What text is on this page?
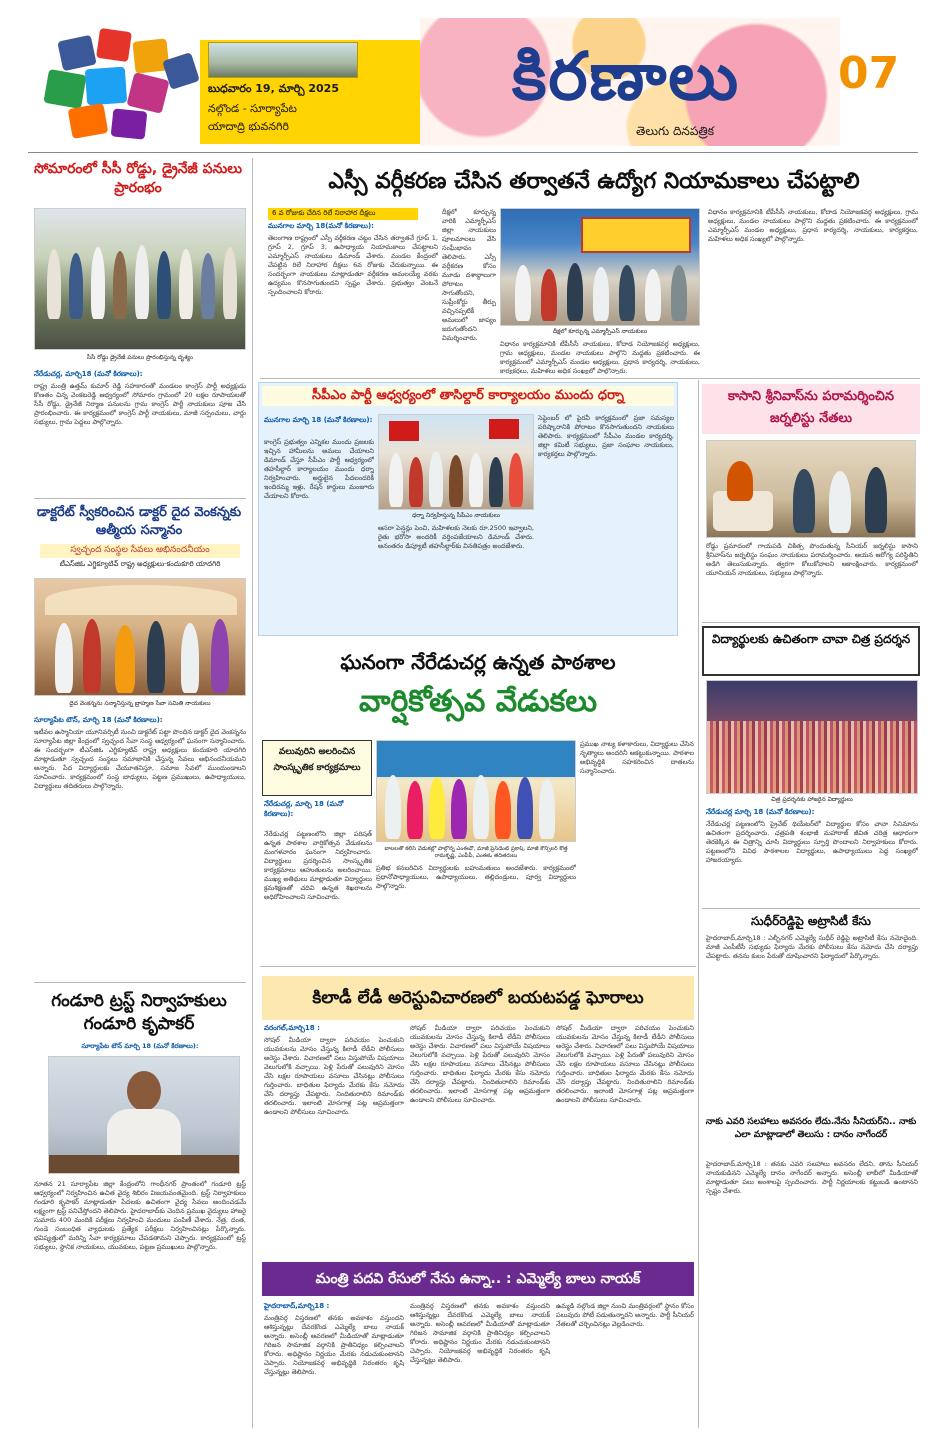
బుధవారం 19, మార్చి 2025
నల్గొండ - సూర్యాపేట
యాదాద్రి భువనగిరి
కిరణాలు
తెలుగు దినపత్రిక
07
సోమారంలో సీసీ రోడ్డు, డ్రైనేజీ పనులు ప్రారంభం
సీసీ రోడ్డు డ్రైనేజీ పనులు ప్రారంభిస్తున్న దృశ్యం
నేరేడుచర్ల, మార్చి18 (మనో కిరణాలు):
రాష్ట్ర మంత్రి ఉత్తమ్ కుమార్ రెడ్డి సహకారంతో మండలం కాంగ్రెస్ పార్టీ అధ్యక్షుడు కొణతం చిన్న వెంకటరెడ్డి ఆధ్వర్యంలో సోమారం గ్రామంలో 20 లక్షల రూపాయలతో సీసీ రోడ్డు, డ్రైనేజీ నిర్మాణ పనులను గ్రామ కాంగ్రెస్ పార్టీ నాయకులు పూజ చేసి ప్రారంభించారు. ఈ కార్యక్రమంలో కాంగ్రెస్ పార్టీ నాయకులు, మాజీ సర్పంచులు, వార్డు సభ్యులు, గ్రామ పెద్దలు పాల్గొన్నారు.
డాక్టరేట్ స్వీకరించిన డాక్టర్ దైద వెంకన్నకు ఆత్మీయ సన్మానం
స్వచ్ఛంద సంస్థల సేవలు అభినందనీయం
టీఎస్‌జిఓ ఎగ్జిక్యూటివ్ రాష్ట్ర అధ్యక్షులు-కందుకూరి యాదగిరి
దైద వెంకన్నను సన్మానిస్తున్న బ్రాహ్మణ సేవా సమితి నాయకులు
సూర్యాపేట టౌన్, మార్చి 18 (మనో కిరణాలు):
ఇటీవల ఉస్మానియా యూనివర్సిటీ నుంచి డాక్టరేట్ పట్టా పొందిన డాక్టర్ దైద వెంకన్నను సూర్యాపేట జిల్లా కేంద్రంలో స్వచ్ఛంద సేవా సంస్థ ఆధ్వర్యంలో ఘనంగా సన్మానించారు. ఈ సందర్భంగా టీఎస్‌జిఓ ఎగ్జిక్యూటివ్ రాష్ట్ర అధ్యక్షులు కందుకూరి యాదగిరి మాట్లాడుతూ స్వచ్ఛంద సంస్థలు సమాజానికి చేస్తున్న సేవలు అభినందనీయమని అన్నారు. పేద విద్యార్థులకు చేయూతనిస్తూ, సమాజ సేవలో ముందుండాలని సూచించారు. కార్యక్రమంలో సంస్థ బాధ్యులు, పట్టణ ప్రముఖులు, ఉపాధ్యాయులు, విద్యార్థులు తదితరులు పాల్గొన్నారు.
గండూరి ట్రస్ట్ నిర్వాహకులు గండూరి కృపాకర్
సూర్యాపేట టౌన్ మార్చి 18 (మనో కిరణాలు):
నూతన 21 సూర్యాపేట జిల్లా కేంద్రంలోని గాంధీనగర్ ప్రాంతంలో గండూరి ట్రస్ట్ ఆధ్వర్యంలో నిర్వహించిన ఉచిత వైద్య శిబిరం విజయవంతమైంది. ట్రస్ట్ నిర్వాహకులు గండూరి కృపాకర్ మాట్లాడుతూ పేదలకు ఉచితంగా వైద్య సేవలు అందించడమే లక్ష్యంగా ట్రస్ట్ పనిచేస్తోందని తెలిపారు. హైదరాబాద్‌కు చెందిన ప్రముఖ వైద్యులు హాజరై సుమారు 400 మందికి పరీక్షలు నిర్వహించి మందులు పంపిణీ చేశారు. నేత్ర, దంత, గుండె సంబంధిత వ్యాధులకు ప్రత్యేక పరీక్షలు నిర్వహించినట్లు పేర్కొన్నారు. భవిష్యత్తులో మరిన్ని సేవా కార్యక్రమాలు చేపడతామని చెప్పారు. కార్యక్రమంలో ట్రస్ట్ సభ్యులు, స్థానిక నాయకులు, యువకులు, పట్టణ ప్రముఖులు పాల్గొన్నారు.
ఎస్సీ వర్గీకరణ చేసిన తర్వాతనే ఉద్యోగ నియామకాలు చేపట్టాలి
6 వ రోజుకు చేరిన రిలే నిరాహార దీక్షలు
మునగాల మార్చి 18(మనో కిరణాలు):
తెలంగాణ రాష్ట్రంలో ఎస్సీ వర్గీకరణ చట్టం చేసిన తర్వాతనే గ్రూప్ 1, గ్రూప్ 2, గ్రూప్ 3, ఉపాధ్యాయ నియామకాలు చేపట్టాలని ఎమ్మార్పీఎస్ నాయకులు డిమాండ్ చేశారు. మండల కేంద్రంలో చేపట్టిన రిలే నిరాహార దీక్షలు 6వ రోజుకు చేరుకున్నాయి. ఈ సందర్భంగా నాయకులు మాట్లాడుతూ వర్గీకరణ అమలయ్యే వరకు ఉద్యమం కొనసాగుతుందని స్పష్టం చేశారు. ప్రభుత్వం వెంటనే స్పందించాలని కోరారు.
దీక్షలో కూర్చున్న వారికి ఎమ్మార్పీఎస్ జిల్లా నాయకులు పూలమాలలు వేసి సంఘీభావం తెలిపారు. ఎస్సీ వర్గీకరణ కోసం మూడు దశాబ్దాలుగా పోరాటం సాగుతోందని, సుప్రీంకోర్టు తీర్పు వచ్చినప్పటికీ అమలులో జాప్యం జరుగుతోందని విమర్శించారు.
దీక్షలో కూర్చున్న ఎమ్మార్పీఎస్ నాయకులు
విధానం కార్యక్రమానికి టీపీసీసీ నాయకులు, కోదాడ నియోజకవర్గ అధ్యక్షులు, గ్రామ అధ్యక్షులు, మండల నాయకులు పాల్గొని మద్దతు ప్రకటించారు. ఈ కార్యక్రమంలో ఎమ్మార్పీఎస్ మండల అధ్యక్షులు, ప్రధాన కార్యదర్శి, నాయకులు, కార్యకర్తలు, మహిళలు అధిక సంఖ్యలో పాల్గొన్నారు.
విధానం కార్యక్రమానికి టీపీసీసీ నాయకులు, కోదాడ నియోజకవర్గ అధ్యక్షులు, గ్రామ అధ్యక్షులు, మండల నాయకులు పాల్గొని మద్దతు ప్రకటించారు. ఈ కార్యక్రమంలో ఎమ్మార్పీఎస్ మండల అధ్యక్షులు, ప్రధాన కార్యదర్శి, నాయకులు, కార్యకర్తలు, మహిళలు అధిక సంఖ్యలో పాల్గొన్నారు.
సీపీఎం పార్టీ ఆధ్వర్యంలో తాసిల్దార్ కార్యాలయం ముందు ధర్నా
మునగాల మార్చి 18 (మనో కిరణాలు):
కాంగ్రెస్ ప్రభుత్వం ఎన్నికల ముందు ప్రజలకు ఇచ్చిన హామీలను అమలు చేయాలని డిమాండ్ చేస్తూ సీపీఎం పార్టీ ఆధ్వర్యంలో తహసీల్దార్ కార్యాలయం ముందు ధర్నా నిర్వహించారు. అర్హులైన పేదలందరికీ ఇందిరమ్మ ఇళ్లు, రేషన్ కార్డులు మంజూరు చేయాలని కోరారు.
ధర్నా నిర్వహిస్తున్న సీపీఎం నాయకులు
ఆసరా పెన్షన్లు పెంచి, మహిళలకు నెలకు రూ.2500 ఇవ్వాలని, రైతు భరోసా అందరికీ వర్తింపజేయాలని డిమాండ్ చేశారు. అనంతరం డిప్యూటీ తహసీల్దార్‌కు వినతిపత్రం అందజేశారు.
సెప్టెంబర్ లో పైరవీ కార్యక్రమంలో ప్రజా సమస్యల పరిష్కారానికి పోరాటం కొనసాగుతుందని నాయకులు తెలిపారు. కార్యక్రమంలో సీపీఎం మండల కార్యదర్శి, జిల్లా కమిటీ సభ్యులు, ప్రజా సంఘాల నాయకులు, కార్యకర్తలు పాల్గొన్నారు.
కాసాని శ్రీనివాస్‌ను పరామర్శించిన జర్నలిస్టు నేతలు
రోడ్డు ప్రమాదంలో గాయపడి చికిత్స పొందుతున్న సీనియర్ జర్నలిస్టు కాసాని శ్రీనివాస్‌ను జర్నలిస్టు సంఘం నాయకులు పరామర్శించారు. ఆయన ఆరోగ్య పరిస్థితిని అడిగి తెలుసుకున్నారు. త్వరగా కోలుకోవాలని ఆకాంక్షించారు. కార్యక్రమంలో యూనియన్ నాయకులు, సభ్యులు పాల్గొన్నారు.
విద్యార్థులకు ఉచితంగా చావా చిత్ర ప్రదర్శన
చిత్ర ప్రదర్శనకు హాజరైన విద్యార్థులు
నేరేడుచర్ల మార్చి 18 (మనో కిరణాలు):
నేరేడుచర్ల పట్టణంలోని ప్రైవేట్ థియేటర్‌లో విద్యార్థుల కోసం చావా సినిమాను ఉచితంగా ప్రదర్శించారు. ఛత్రపతి శంభాజీ మహారాజ్ జీవిత చరిత్ర ఆధారంగా తెరకెక్కిన ఈ చిత్రాన్ని చూసి విద్యార్థులు స్ఫూర్తి పొందాలని నిర్వాహకులు కోరారు. పట్టణంలోని వివిధ పాఠశాలల విద్యార్థులు, ఉపాధ్యాయులు పెద్ద సంఖ్యలో హాజరయ్యారు.
సుధీర్‌రెడ్డిపై అట్రాసిటీ కేసు
హైదరాబాద్,మార్చి18 : ఎల్బీనగర్ ఎమ్మెల్యే సుధీర్ రెడ్డిపై అట్రాసిటీ కేసు నమోదైంది. మాజీ ఎంపీటీసీ సభ్యుడు ఫిర్యాదు మేరకు పోలీసులు కేసు నమోదు చేసి దర్యాప్తు చేపట్టారు. తనను కులం పేరుతో దూషించారని ఫిర్యాదులో పేర్కొన్నారు.
నాకు ఎవరి సలహాలు అవసరం లేదు.నేను సీనియర్‌ని.. నాకు ఎలా మాట్లాడాలో తెలుసు : దానం నాగేందర్
హైదరాబాద్,మార్చి18 : తనకు ఎవరి సలహాలు అవసరం లేదని, తాను సీనియర్ నాయకుడినని ఎమ్మెల్యే దానం నాగేందర్ అన్నారు. అసెంబ్లీ లాబీలో మీడియాతో మాట్లాడుతూ పలు అంశాలపై స్పందించారు. పార్టీ నిర్ణయాలకు కట్టుబడి ఉంటానని స్పష్టం చేశారు.
ఘనంగా నేరేడుచర్ల ఉన్నత పాఠశాల
వార్షికోత్సవ వేడుకలు
వలువురిని అలరించిన సాంస్కృతిక కార్యక్రమాలు
నేరేడుచర్ల, మార్చి 18 (మనో కిరణాలు):
బాలలతో కలిసి వేడుకల్లో పాల్గొన్న ఎంఈవో, మాజీ ప్రెసిడెంట్ ప్రకాష్, మాజీ కౌన్సిలర్ కొత్త రామకృష్ణ, ఎంపీపీ, ఎంఈఓ తదితరులు
నేరేడుచర్ల పట్టణంలోని జిల్లా పరిషత్ ఉన్నత పాఠశాల వార్షికోత్సవ వేడుకలను మంగళవారం ఘనంగా నిర్వహించారు. విద్యార్థులు ప్రదర్శించిన సాంస్కృతిక కార్యక్రమాలు ఆహుతులను అలరించాయి. ముఖ్య అతిథులు మాట్లాడుతూ విద్యార్థులు క్రమశిక్షణతో చదివి ఉన్నత శిఖరాలను అధిరోహించాలని సూచించారు.
ప్రముఖ నాట్య కళాకారులు, విద్యార్థులు చేసిన నృత్యాలు అందరినీ ఆకట్టుకున్నాయి. పాఠశాల అభివృద్ధికి సహకరించిన దాతలను సన్మానించారు.
ప్రతిభ కనబరిచిన విద్యార్థులకు బహుమతులు అందజేశారు. కార్యక్రమంలో ప్రధానోపాధ్యాయులు, ఉపాధ్యాయులు, తల్లిదండ్రులు, పూర్వ విద్యార్థులు పాల్గొన్నారు.
కిలాడీ లేడీ అరెస్టువిచారణలో బయటపడ్డ ఘోరాలు
వరంగల్,మార్చి18 :
సోషల్ మీడియా ద్వారా పరిచయం పెంచుకుని యువకులను మోసం చేస్తున్న కిలాడీ లేడీని పోలీసులు అరెస్టు చేశారు. విచారణలో పలు విస్తుపోయే విషయాలు వెలుగులోకి వచ్చాయి. పెళ్లి పేరుతో పలువురిని మోసం చేసి లక్షల రూపాయలు వసూలు చేసినట్లు పోలీసులు గుర్తించారు. బాధితుల ఫిర్యాదు మేరకు కేసు నమోదు చేసి దర్యాప్తు చేపట్టారు. నిందితురాలిని రిమాండ్‌కు తరలించారు. ఇలాంటి మోసగాళ్ల పట్ల అప్రమత్తంగా ఉండాలని పోలీసులు సూచించారు.
సోషల్ మీడియా ద్వారా పరిచయం పెంచుకుని యువకులను మోసం చేస్తున్న కిలాడీ లేడీని పోలీసులు అరెస్టు చేశారు. విచారణలో పలు విస్తుపోయే విషయాలు వెలుగులోకి వచ్చాయి. పెళ్లి పేరుతో పలువురిని మోసం చేసి లక్షల రూపాయలు వసూలు చేసినట్లు పోలీసులు గుర్తించారు. బాధితుల ఫిర్యాదు మేరకు కేసు నమోదు చేసి దర్యాప్తు చేపట్టారు. నిందితురాలిని రిమాండ్‌కు తరలించారు. ఇలాంటి మోసగాళ్ల పట్ల అప్రమత్తంగా ఉండాలని పోలీసులు సూచించారు.
సోషల్ మీడియా ద్వారా పరిచయం పెంచుకుని యువకులను మోసం చేస్తున్న కిలాడీ లేడీని పోలీసులు అరెస్టు చేశారు. విచారణలో పలు విస్తుపోయే విషయాలు వెలుగులోకి వచ్చాయి. పెళ్లి పేరుతో పలువురిని మోసం చేసి లక్షల రూపాయలు వసూలు చేసినట్లు పోలీసులు గుర్తించారు. బాధితుల ఫిర్యాదు మేరకు కేసు నమోదు చేసి దర్యాప్తు చేపట్టారు. నిందితురాలిని రిమాండ్‌కు తరలించారు. ఇలాంటి మోసగాళ్ల పట్ల అప్రమత్తంగా ఉండాలని పోలీసులు సూచించారు.
మంత్రి పదవి రేసులో నేను ఉన్నా.. : ఎమ్మెల్యే బాలు నాయక్
హైదరాబాద్,మార్చి18 :
మంత్రివర్గ విస్తరణలో తనకు అవకాశం వస్తుందని ఆశిస్తున్నట్లు దేవరకొండ ఎమ్మెల్యే బాలు నాయక్ అన్నారు. అసెంబ్లీ ఆవరణలో మీడియాతో మాట్లాడుతూ గిరిజన సామాజిక వర్గానికి ప్రాతినిధ్యం కల్పించాలని కోరారు. అధిష్టానం నిర్ణయం మేరకు నడుచుకుంటానని చెప్పారు. నియోజకవర్గ అభివృద్ధికి నిరంతరం కృషి చేస్తున్నట్లు తెలిపారు.
మంత్రివర్గ విస్తరణలో తనకు అవకాశం వస్తుందని ఆశిస్తున్నట్లు దేవరకొండ ఎమ్మెల్యే బాలు నాయక్ అన్నారు. అసెంబ్లీ ఆవరణలో మీడియాతో మాట్లాడుతూ గిరిజన సామాజిక వర్గానికి ప్రాతినిధ్యం కల్పించాలని కోరారు. అధిష్టానం నిర్ణయం మేరకు నడుచుకుంటానని చెప్పారు. నియోజకవర్గ అభివృద్ధికి నిరంతరం కృషి చేస్తున్నట్లు తెలిపారు.
ఉమ్మడి నల్గొండ జిల్లా నుంచి మంత్రివర్గంలో స్థానం కోసం పలువురు పోటీ పడుతున్నారని అన్నారు. పార్టీ సీనియర్ నేతలతో చర్చించినట్లు వెల్లడించారు.
